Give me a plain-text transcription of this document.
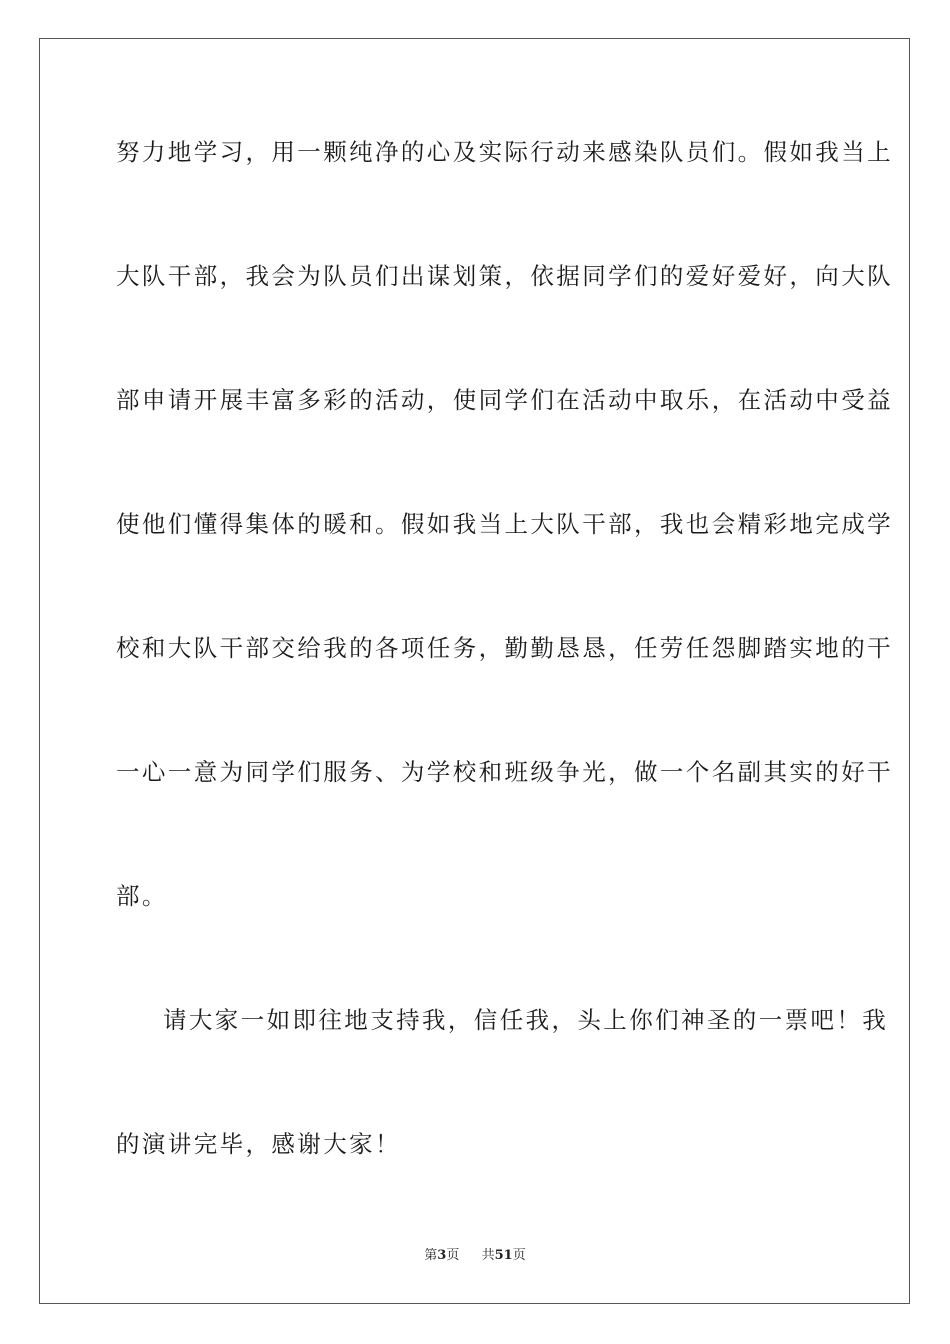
努力地学习，用一颗纯净的心及实际行动来感染队员们。假如我当上
大队干部，我会为队员们出谋划策，依据同学们的爱好爱好，向大队
部申请开展丰富多彩的活动，使同学们在活动中取乐，在活动中受益
使他们懂得集体的暖和。假如我当上大队干部，我也会精彩地完成学
校和大队干部交给我的各项任务，勤勤恳恳，任劳任怨脚踏实地的干
一心一意为同学们服务、为学校和班级争光，做一个名副其实的好干
部。
请大家一如即往地支持我，信任我，头上你们神圣的一票吧！我
的演讲完毕，感谢大家！
第3页 共51页
